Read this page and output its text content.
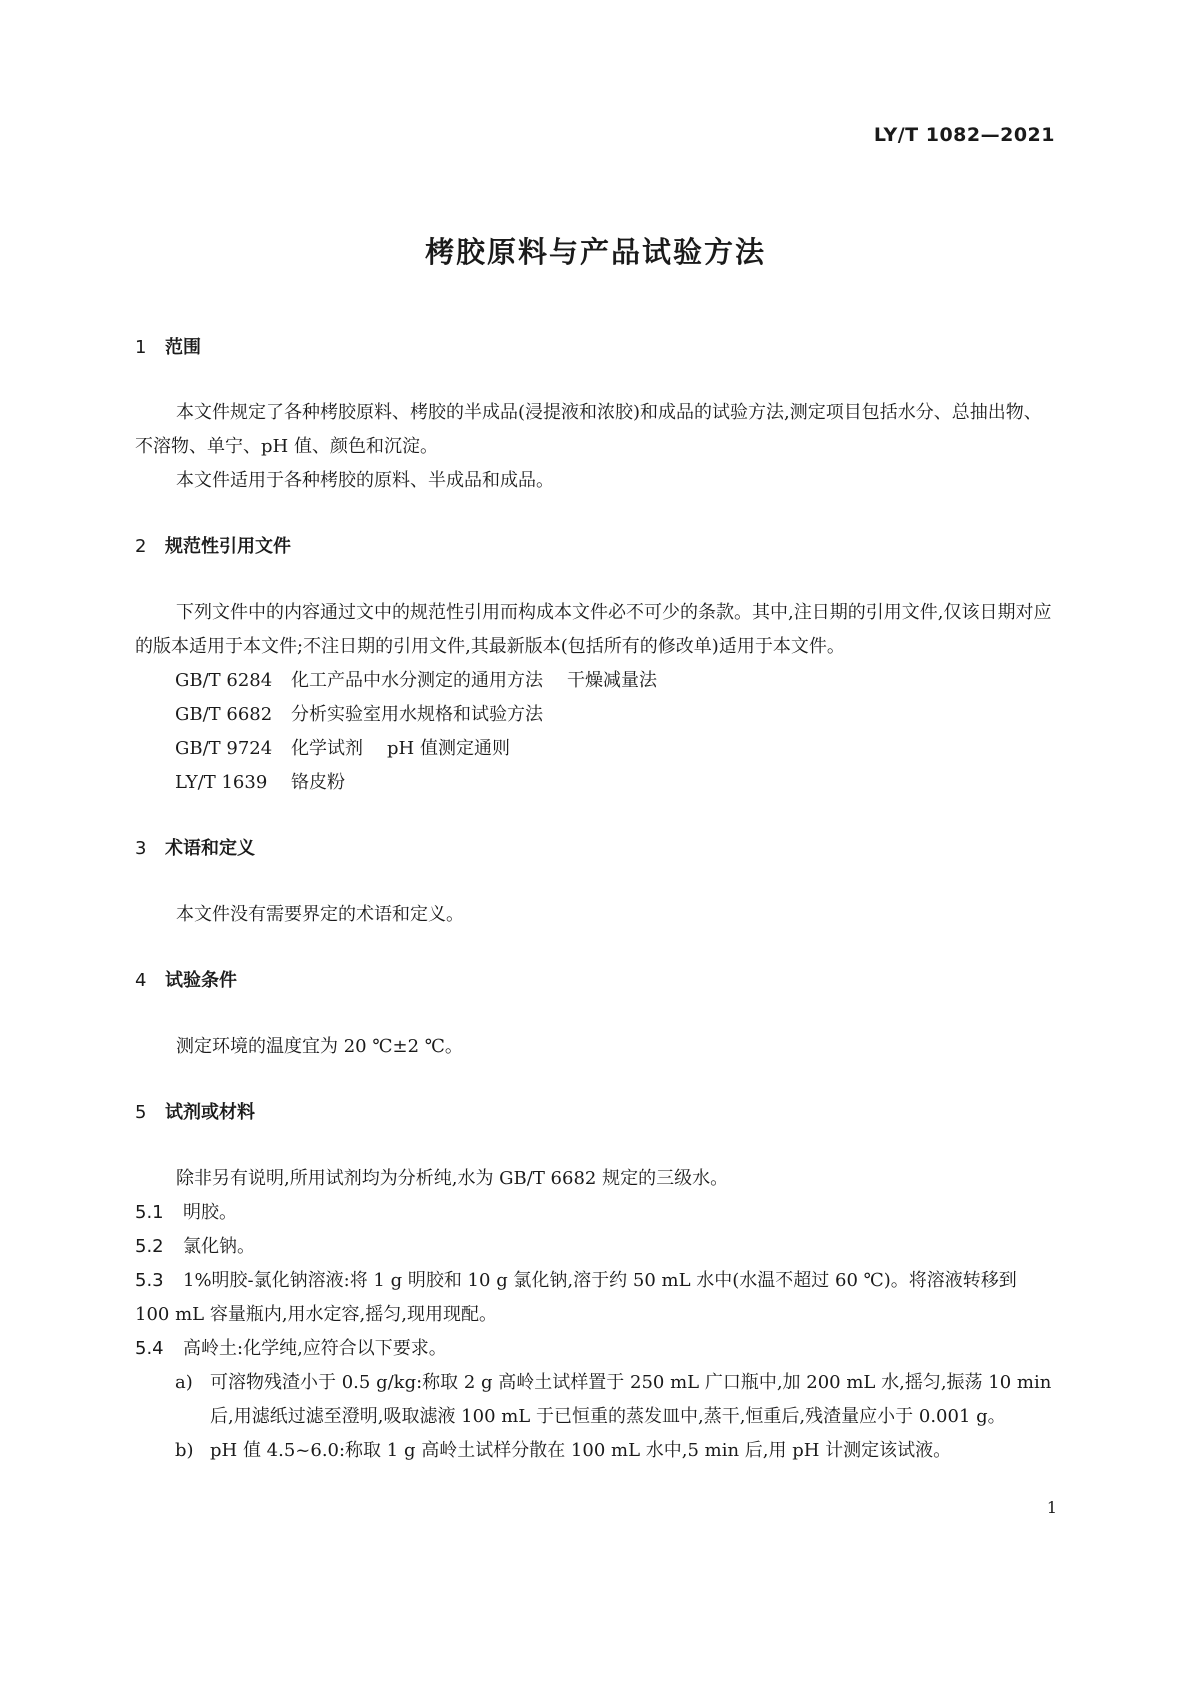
LY/T 1082—2021
栲胶原料与产品试验方法
1 范围

本文件规定了各种栲胶原料、栲胶的半成品(浸提液和浓胶)和成品的试验方法,测定项目包括水分、总抽出物、不溶物、单宁、pH 值、颜色和沉淀。

本文件适用于各种栲胶的原料、半成品和成品。

2 规范性引用文件

下列文件中的内容通过文中的规范性引用而构成本文件必不可少的条款。其中,注日期的引用文件,仅该日期对应的版本适用于本文件;不注日期的引用文件,其最新版本(包括所有的修改单)适用于本文件。

GB/T 6284 化工产品中水分测定的通用方法 干燥减量法
GB/T 6682 分析实验室用水规格和试验方法
GB/T 9724 化学试剂 pH 值测定通则
LY/T 1639 铬皮粉
3 术语和定义

本文件没有需要界定的术语和定义。

4 试验条件

测定环境的温度宜为 20 ℃±2 ℃。

5 试剂或材料

除非另有说明,所用试剂均为分析纯,水为 GB/T 6682 规定的三级水。

5.1 明胶。
5.2 氯化钠。
5.3 1%明胶-氯化钠溶液:将 1 g 明胶和 10 g 氯化钠,溶于约 50 mL 水中(水温不超过 60 ℃)。将溶液转移到 100 mL 容量瓶内,用水定容,摇匀,现用现配。
5.4 高岭土:化学纯,应符合以下要求。
a) 可溶物残渣小于 0.5 g/kg:称取 2 g 高岭土试样置于 250 mL 广口瓶中,加 200 mL 水,摇匀,振荡 10 min 后,用滤纸过滤至澄明,吸取滤液 100 mL 于已恒重的蒸发皿中,蒸干,恒重后,残渣量应小于 0.001 g。
b) pH 值 4.5~6.0:称取 1 g 高岭土试样分散在 100 mL 水中,5 min 后,用 pH 计测定该试液。
1
